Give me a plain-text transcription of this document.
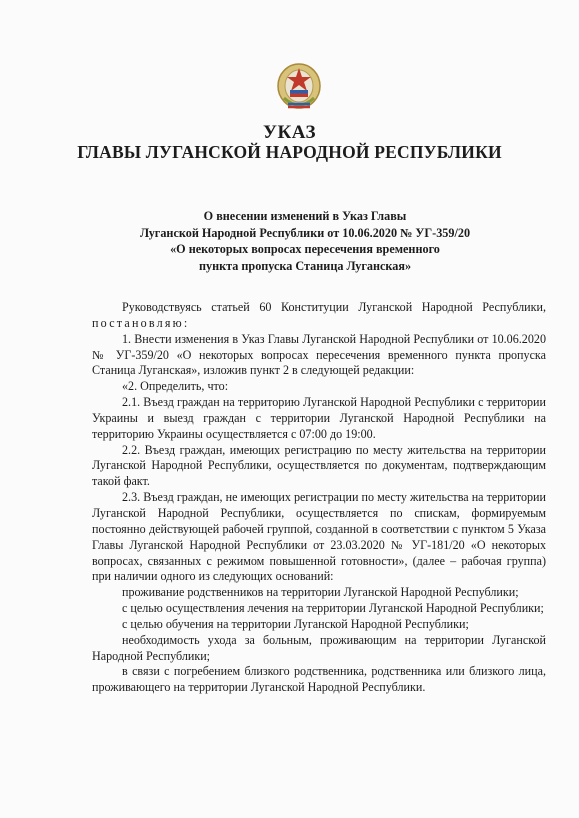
УКАЗ
ГЛАВЫ ЛУГАНСКОЙ НАРОДНОЙ РЕСПУБЛИКИ
О внесении изменений в Указ Главы
Луганской Народной Республики от 10.06.2020 № УГ-359/20
«О некоторых вопросах пересечения временного
пункта пропуска Станица Луганская»

Руководствуясь статьей 60 Конституции Луганской Народной Республики, постановляю:

1. Внести изменения в Указ Главы Луганской Народной Республики от 10.06.2020 № УГ-359/20 «О некоторых вопросах пересечения временного пункта пропуска Станица Луганская», изложив пункт 2 в следующей редакции:

«2. Определить, что:

2.1. Въезд граждан на территорию Луганской Народной Республики с территории Украины и выезд граждан с территории Луганской Народной Республики на территорию Украины осуществляется с 07:00 до 19:00.

2.2. Въезд граждан, имеющих регистрацию по месту жительства на территории Луганской Народной Республики, осуществляется по документам, подтверждающим такой факт.

2.3. Въезд граждан, не имеющих регистрации по месту жительства на территории Луганской Народной Республики, осуществляется по спискам, формируемым постоянно действующей рабочей группой, созданной в соответствии с пунктом 5 Указа Главы Луганской Народной Республики от 23.03.2020 № УГ-181/20 «О некоторых вопросах, связанных с режимом повышенной готовности», (далее – рабочая группа) при наличии одного из следующих оснований:

проживание родственников на территории Луганской Народной Республики;

с целью осуществления лечения на территории Луганской Народной Республики;

с целью обучения на территории Луганской Народной Республики;

необходимость ухода за больным, проживающим на территории Луганской Народной Республики;

в связи с погребением близкого родственника, родственника или близкого лица, проживающего на территории Луганской Народной Республики.
